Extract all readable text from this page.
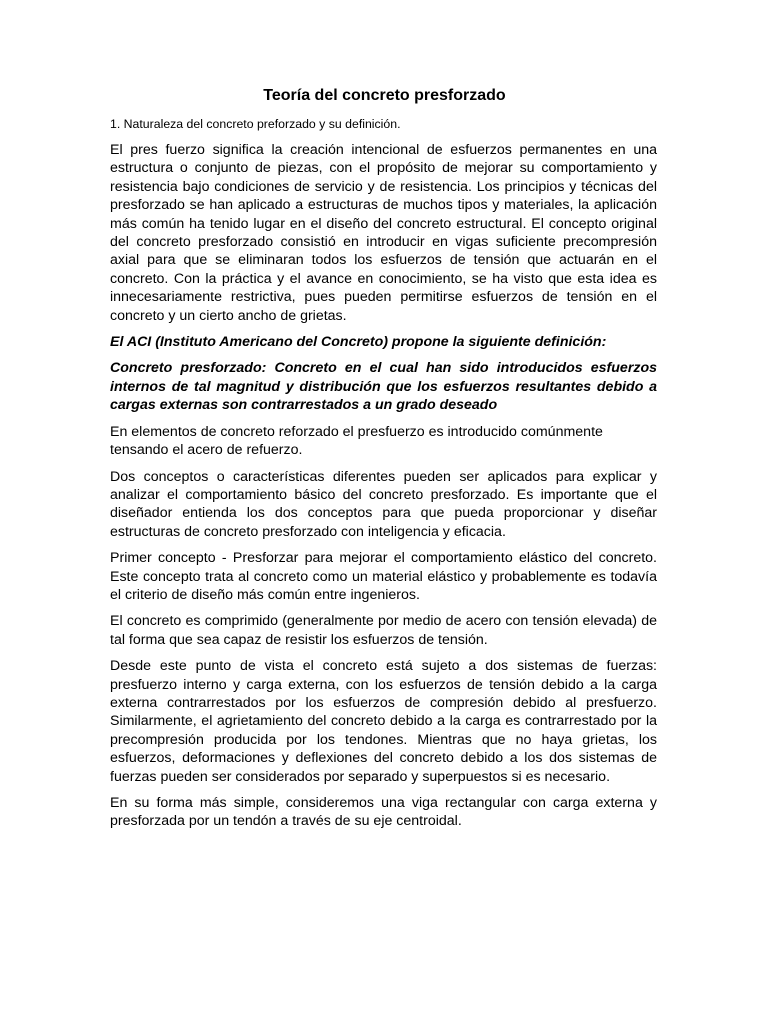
Teoría del concreto presforzado
1. Naturaleza del concreto preforzado y su definición.

El pres fuerzo significa la creación intencional de esfuerzos permanentes en una estructura o conjunto de piezas, con el propósito de mejorar su comportamiento y resistencia bajo condiciones de servicio y de resistencia. Los principios y técnicas del presforzado se han aplicado a estructuras de muchos tipos y materiales, la aplicación más común ha tenido lugar en el diseño del concreto estructural. El concepto original del concreto presforzado consistió en introducir en vigas suficiente precompresión axial para que se eliminaran todos los esfuerzos de tensión que actuarán en el concreto. Con la práctica y el avance en conocimiento, se ha visto que esta idea es innecesariamente restrictiva, pues pueden permitirse esfuerzos de tensión en el concreto y un cierto ancho de grietas.

El ACI (Instituto Americano del Concreto) propone la siguiente definición:

Concreto presforzado: Concreto en el cual han sido introducidos esfuerzos internos de tal magnitud y distribución que los esfuerzos resultantes debido a cargas externas son contrarrestados a un grado deseado

En elementos de concreto reforzado el presfuerzo es introducido comúnmente tensando el acero de refuerzo.

Dos conceptos o características diferentes pueden ser aplicados para explicar y analizar el comportamiento básico del concreto presforzado. Es importante que el diseñador entienda los dos conceptos para que pueda proporcionar y diseñar estructuras de concreto presforzado con inteligencia y eficacia.

Primer concepto - Presforzar para mejorar el comportamiento elástico del concreto. Este concepto trata al concreto como un material elástico y probablemente es todavía el criterio de diseño más común entre ingenieros.

El concreto es comprimido (generalmente por medio de acero con tensión elevada) de tal forma que sea capaz de resistir los esfuerzos de tensión.

Desde este punto de vista el concreto está sujeto a dos sistemas de fuerzas: presfuerzo interno y carga externa, con los esfuerzos de tensión debido a la carga externa contrarrestados por los esfuerzos de compresión debido al presfuerzo. Similarmente, el agrietamiento del concreto debido a la carga es contrarrestado por la precompresión producida por los tendones. Mientras que no haya grietas, los esfuerzos, deformaciones y deflexiones del concreto debido a los dos sistemas de fuerzas pueden ser considerados por separado y superpuestos si es necesario.

En su forma más simple, consideremos una viga rectangular con carga externa y presforzada por un tendón a través de su eje centroidal.
